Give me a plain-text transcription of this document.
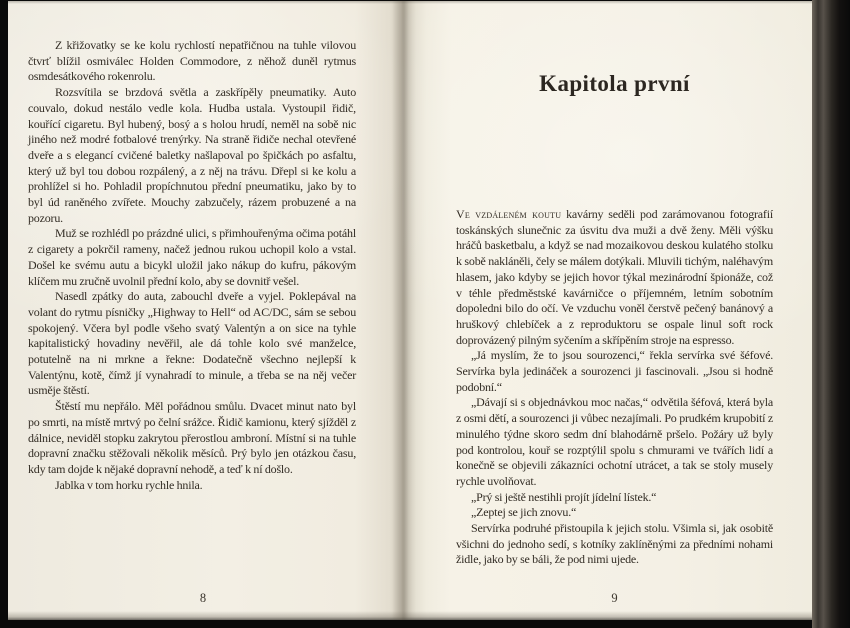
Z křižovatky se ke kolu rychlostí nepatřičnou na tuhle vilovou čtvrť blížil osmiválec Holden Commodore, z něhož duněl rytmus osmdesátkového rokenrolu.

Rozsvítila se brzdová světla a zaskřípěly pneumatiky. Auto couvalo, dokud nestálo vedle kola. Hudba ustala. Vystoupil řidič, kouřící cigaretu. Byl hubený, bosý a s holou hrudí, neměl na sobě nic jiného než modré fotbalové trenýrky. Na straně řidiče nechal otevřené dveře a s elegancí cvičené baletky našlapoval po špičkách po asfaltu, který už byl tou dobou rozpálený, a z něj na trávu. Dřepl si ke kolu a prohlížel si ho. Pohladil propíchnutou přední pneumatiku, jako by to byl úd raněného zvířete. Mouchy zabzučely, rázem probuzené a na pozoru.

Muž se rozhlédl po prázdné ulici, s přimhouřenýma očima potáhl z cigarety a pokrčil rameny, načež jednou rukou uchopil kolo a vstal. Došel ke svému autu a bicykl uložil jako nákup do kufru, pákovým klíčem mu zručně uvolnil přední kolo, aby se dovnitř vešel.

Nasedl zpátky do auta, zabouchl dveře a vyjel. Poklepával na volant do rytmu písničky „Highway to Hell“ od AC/DC, sám se sebou spokojený. Včera byl podle všeho svatý Valentýn a on sice na tyhle kapitalistický hovadiny nevěřil, ale dá tohle kolo své manželce, potutelně na ni mrkne a řekne: Dodatečně všechno nejlepší k Valentýnu, kotě, čímž jí vynahradí to minule, a třeba se na něj večer usměje štěstí.

Štěstí mu nepřálo. Měl pořádnou smůlu. Dvacet minut nato byl po smrti, na místě mrtvý po čelní srážce. Řidič kamionu, který sjížděl z dálnice, neviděl stopku zakrytou přerostlou ambroní. Místní si na tuhle dopravní značku stěžovali několik měsíců. Prý bylo jen otázkou času, kdy tam dojde k nějaké dopravní nehodě, a teď k ní došlo.

Jablka v tom horku rychle hnila.

8
Kapitola první

Ve vzdáleném koutu kavárny seděli pod zarámovanou fotografií toskánských slunečnic za úsvitu dva muži a dvě ženy. Měli výšku hráčů basketbalu, a když se nad mozaikovou deskou kulatého stolku k sobě nakláněli, čely se málem dotýkali. Mluvili tichým, naléhavým hlasem, jako kdyby se jejich hovor týkal mezinárodní špionáže, což v téhle předměstské kavárničce o příjemném, letním sobotním dopoledni bilo do očí. Ve vzduchu voněl čerstvě pečený banánový a hruškový chlebíček a z reproduktoru se ospale linul soft rock doprovázený pilným syčením a skřípěním stroje na espresso.

„Já myslím, že to jsou sourozenci,“ řekla servírka své šéfové. Servírka byla jedináček a sourozenci ji fascinovali. „Jsou si hodně podobní.“

„Dávají si s objednávkou moc načas,“ odvětila šéfová, která byla z osmi dětí, a sourozenci ji vůbec nezajímali. Po prudkém krupobití z minulého týdne skoro sedm dní blahodárně pršelo. Požáry už byly pod kontrolou, kouř se rozptýlil spolu s chmurami ve tvářích lidí a konečně se objevili zákazníci ochotní utrácet, a tak se stoly musely rychle uvolňovat.

„Prý si ještě nestihli projít jídelní lístek.“

„Zeptej se jich znovu.“

Servírka podruhé přistoupila k jejich stolu. Všimla si, jak osobitě všichni do jednoho sedí, s kotníky zaklíněnými za předními nohami židle, jako by se báli, že pod nimi ujede.

9
